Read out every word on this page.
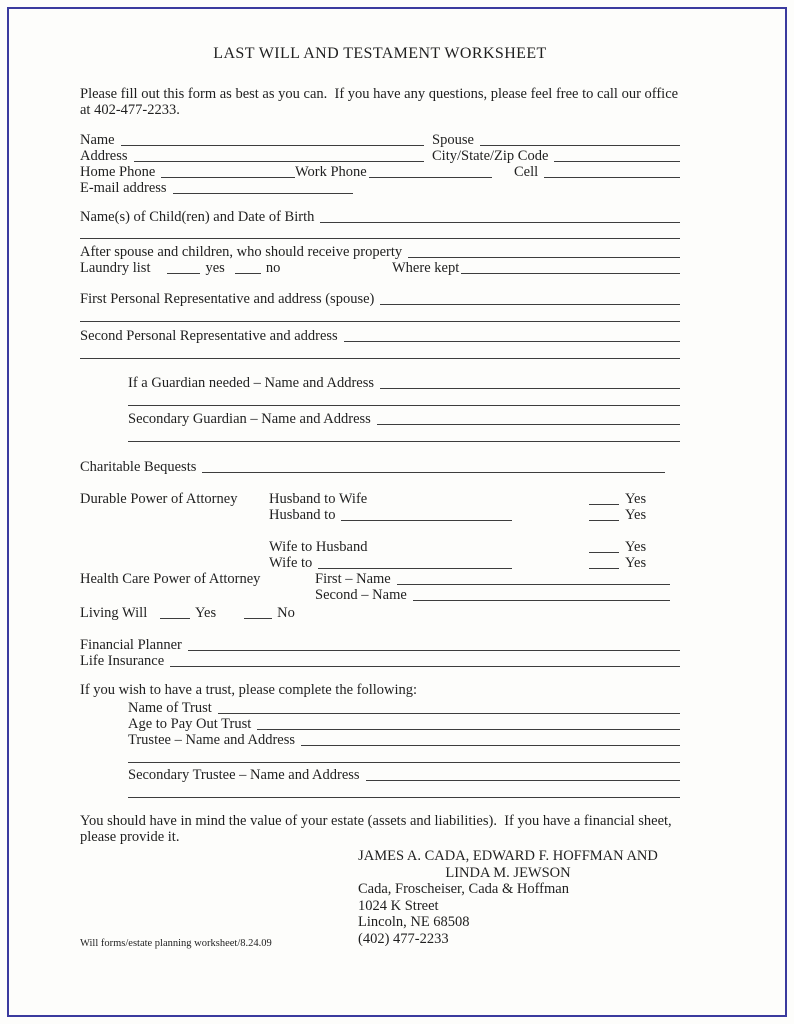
LAST WILL AND TESTAMENT WORKSHEET
Please fill out this form as best as you can.  If you have any questions, please feel free to call our office at 402-477-2233.
Name	Spouse
Address	City/State/Zip Code
Home Phone	Work Phone	Cell
E-mail address
Name(s) of Child(ren) and Date of Birth
After spouse and children, who should receive property
Laundry list	yes	no	Where kept
First Personal Representative and address (spouse)
Second Personal Representative and address
If a Guardian needed – Name and Address
Secondary Guardian – Name and Address
Charitable Bequests
Durable Power of Attorney	Husband to Wife	Yes
Husband to	Yes
Wife to Husband	Yes
Wife to	Yes
Health Care Power of Attorney	First – Name
Second – Name
Living Will	Yes	No
Financial Planner
Life Insurance
If you wish to have a trust, please complete the following:
Name of Trust
Age to Pay Out Trust
Trustee – Name and Address
Secondary Trustee – Name and Address
You should have in mind the value of your estate (assets and liabilities).  If you have a financial sheet, please provide it.
JAMES A. CADA, EDWARD F. HOFFMAN AND
LINDA M. JEWSON
Cada, Froscheiser, Cada & Hoffman
1024 K Street
Lincoln, NE 68508
(402) 477-2233
Will forms/estate planning worksheet/8.24.09
